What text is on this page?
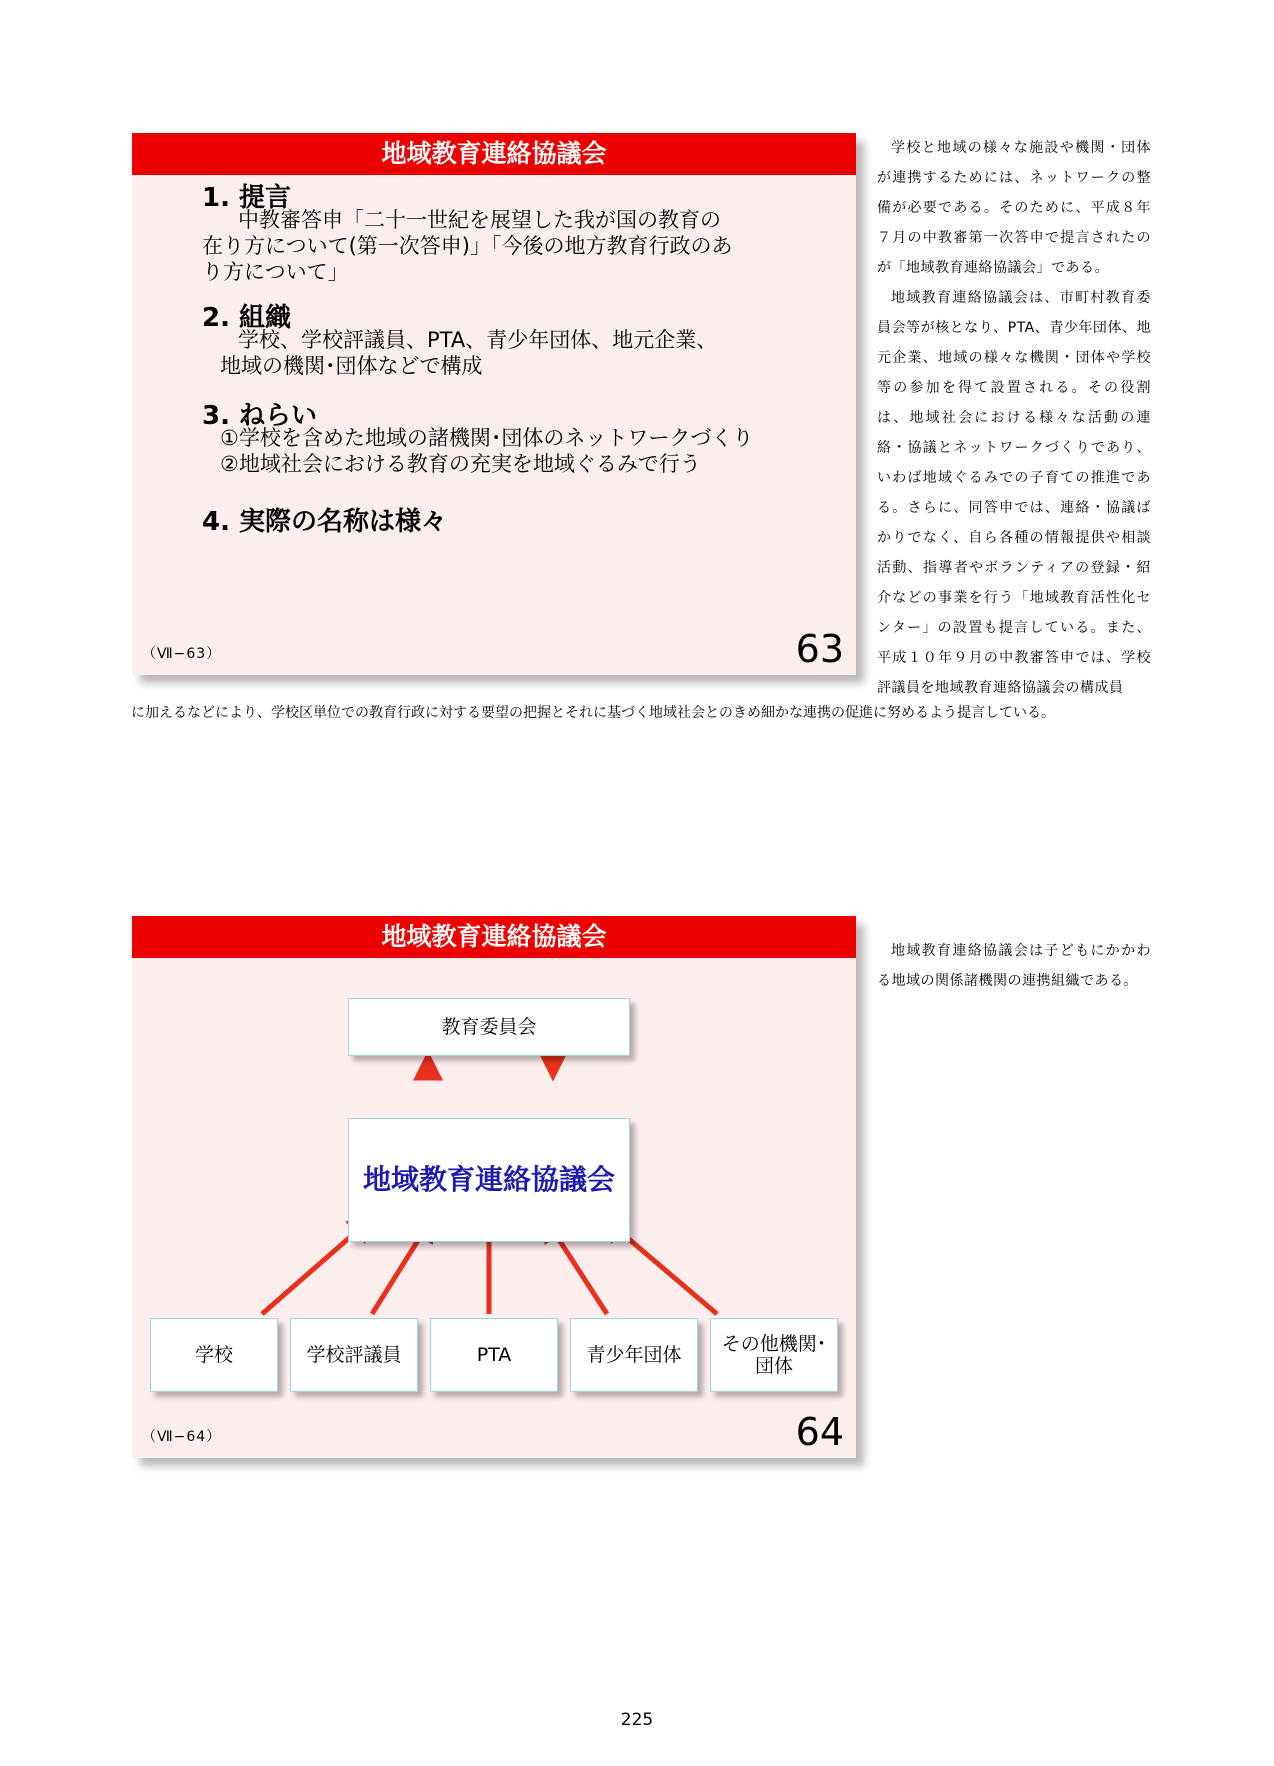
地域教育連絡協議会
1. 提言
中教審答申「二十一世紀を展望した我が国の教育の
在り方について(第一次答申)」「今後の地方教育行政のあ
り方について」
2. 組織
学校、学校評議員、PTA、青少年団体、地元企業、
地域の機関･団体などで構成
3. ねらい
①学校を含めた地域の諸機関･団体のネットワークづくり
②地域社会における教育の充実を地域ぐるみで行う
4. 実際の名称は様々
（Ⅶ−63）	63
学校と地域の様々な施設や機関・団体が連携するためには、ネットワークの整備が必要である。そのために、平成８年７月の中教審第一次答申で提言されたのが「地域教育連絡協議会」である。
地域教育連絡協議会は、市町村教育委員会等が核となり、PTA、青少年団体、地元企業、地域の様々な機関・団体や学校等の参加を得て設置される。その役割は、地域社会における様々な活動の連絡・協議とネットワークづくりであり、いわば地域ぐるみでの子育ての推進である。さらに、同答申では、連絡・協議ばかりでなく、自ら各種の情報提供や相談活動、指導者やボランティアの登録・紹介などの事業を行う「地域教育活性化センター」の設置も提言している。また、平成１０年９月の中教審答申では、学校評議員を地域教育連絡協議会の構成員
に加えるなどにより、学校区単位での教育行政に対する要望の把握とそれに基づく地域社会とのきめ細かな連携の促進に努めるよう提言している。
地域教育連絡協議会
教育委員会
地域教育連絡協議会
学校	学校評議員	PTA	青少年団体	その他機関･
団体
（Ⅶ−64）	64
地域教育連絡協議会は子どもにかかわる地域の関係諸機関の連携組織である。
225
